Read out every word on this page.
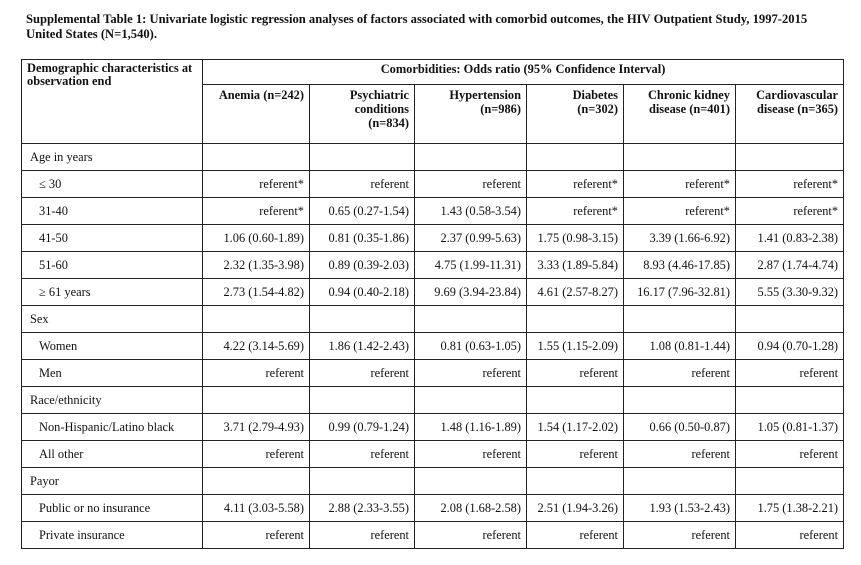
Supplemental Table 1: Univariate logistic regression analyses of factors associated with comorbid outcomes, the HIV Outpatient Study, 1997-2015 United States (N=1,540).
Demographic characteristics at observation end	Comorbidities: Odds ratio (95% Confidence Interval)					
	Anemia (n=242)	Psychiatric conditions (n=834)	Hypertension (n=986)	Diabetes (n=302)	Chronic kidney disease (n=401)	Cardiovascular disease (n=365)
Age in years						
≤ 30	referent*	referent	referent	referent*	referent*	referent*
31-40	referent*	0.65 (0.27-1.54)	1.43 (0.58-3.54)	referent*	referent*	referent*
41-50	1.06 (0.60-1.89)	0.81 (0.35-1.86)	2.37 (0.99-5.63)	1.75 (0.98-3.15)	3.39 (1.66-6.92)	1.41 (0.83-2.38)
51-60	2.32 (1.35-3.98)	0.89 (0.39-2.03)	4.75 (1.99-11.31)	3.33 (1.89-5.84)	8.93 (4.46-17.85)	2.87 (1.74-4.74)
≥ 61 years	2.73 (1.54-4.82)	0.94 (0.40-2.18)	9.69 (3.94-23.84)	4.61 (2.57-8.27)	16.17 (7.96-32.81)	5.55 (3.30-9.32)
Sex						
Women	4.22 (3.14-5.69)	1.86 (1.42-2.43)	0.81 (0.63-1.05)	1.55 (1.15-2.09)	1.08 (0.81-1.44)	0.94 (0.70-1.28)
Men	referent	referent	referent	referent	referent	referent
Race/ethnicity						
Non-Hispanic/Latino black	3.71 (2.79-4.93)	0.99 (0.79-1.24)	1.48 (1.16-1.89)	1.54 (1.17-2.02)	0.66 (0.50-0.87)	1.05 (0.81-1.37)
All other	referent	referent	referent	referent	referent	referent
Payor						
Public or no insurance	4.11 (3.03-5.58)	2.88 (2.33-3.55)	2.08 (1.68-2.58)	2.51 (1.94-3.26)	1.93 (1.53-2.43)	1.75 (1.38-2.21)
Private insurance	referent	referent	referent	referent	referent	referent
